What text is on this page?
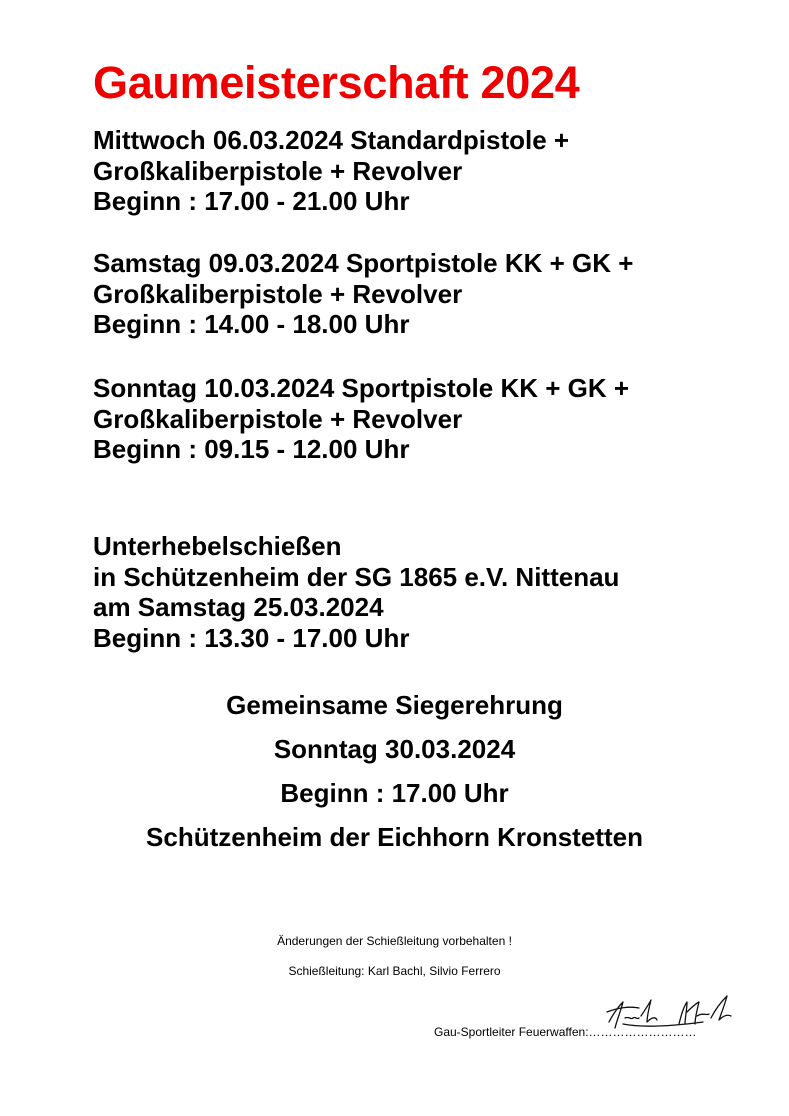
Gaumeisterschaft 2024
Mittwoch 06.03.2024 Standardpistole +
Großkaliberpistole + Revolver
Beginn : 17.00 - 21.00 Uhr
Samstag 09.03.2024 Sportpistole KK + GK +
Großkaliberpistole + Revolver
Beginn : 14.00 - 18.00 Uhr
Sonntag 10.03.2024 Sportpistole KK + GK +
Großkaliberpistole + Revolver
Beginn : 09.15 - 12.00 Uhr
Unterhebelschießen
in Schützenheim der SG 1865 e.V. Nittenau
am Samstag 25.03.2024
Beginn : 13.30 - 17.00 Uhr
Gemeinsame Siegerehrung
Sonntag 30.03.2024
Beginn : 17.00 Uhr
Schützenheim der Eichhorn Kronstetten
Änderungen der Schießleitung vorbehalten !
Schießleitung: Karl Bachl, Silvio Ferrero
Gau-Sportleiter Feuerwaffen:………………………
